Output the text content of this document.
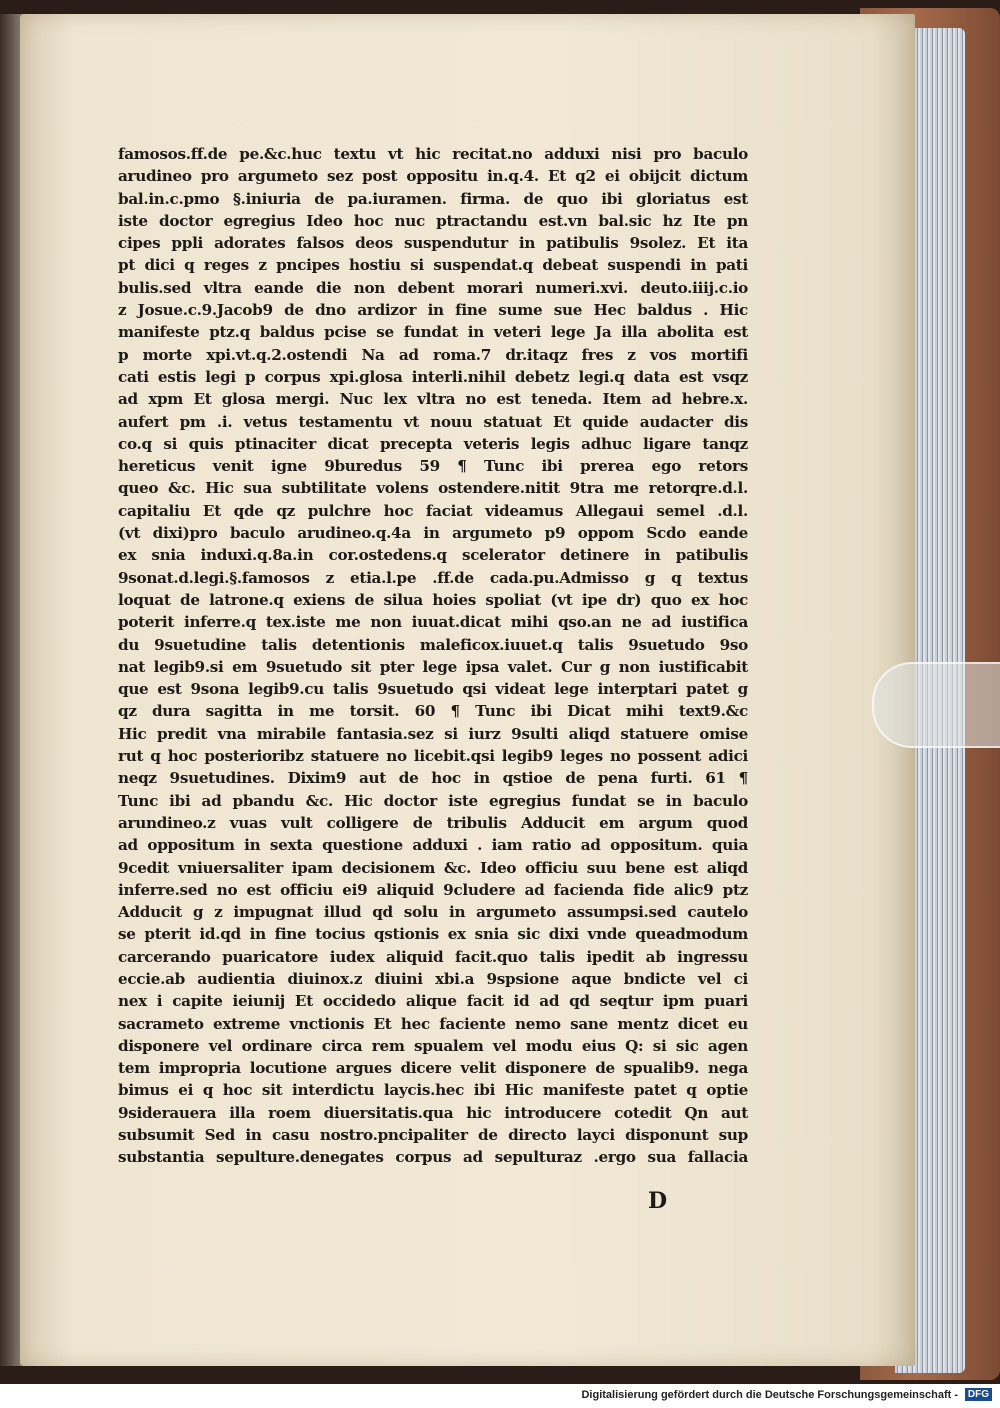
famosos.ff.de pe.&c.huc textu vt hic recitat.no adduxi nisi pro baculo
arudineo pro argumeto sez post oppositu in.q.4. Et q2 ei obijcit dictum
bal.in.c.pmo §.iniuria de pa.iuramen. firma. de quo ibi gloriatus est
iste doctor egregius Ideo hoc nuc ptractandu est.vn bal.sic hz Ite pn
cipes ppli adorates falsos deos suspendutur in patibulis 9solez. Et ita
pt dici q reges z pncipes hostiu si suspendat.q debeat suspendi in pati
bulis.sed vltra eande die non debent morari numeri.xvi. deuto.iiij.c.io
z Josue.c.9.Jacob9 de dno ardizor in fine sume sue Hec baldus . Hic
manifeste ptz.q baldus pcise se fundat in veteri lege Ja illa abolita est
p morte xpi.vt.q.2.ostendi Na ad roma.7 dr.itaqz fres z vos mortifi
cati estis legi p corpus xpi.glosa interli.nihil debetz legi.q data est vsqz
ad xpm Et glosa mergi. Nuc lex vltra no est teneda. Item ad hebre.x.
aufert pm .i. vetus testamentu vt nouu statuat Et quide audacter dis
co.q si quis ptinaciter dicat precepta veteris legis adhuc ligare tanqz
hereticus venit igne 9buredus 59 ¶ Tunc ibi prerea ego retors
queo &c. Hic sua subtilitate volens ostendere.nitit 9tra me retorqre.d.l.
capitaliu Et qde qz pulchre hoc faciat videamus Allegaui semel .d.l.
(vt dixi)pro baculo arudineo.q.4a in argumeto p9 oppom Scdo eande
ex snia induxi.q.8a.in cor.ostedens.q scelerator detinere in patibulis
9sonat.d.legi.§.famosos z etia.l.pe .ff.de cada.pu.Admisso g q textus
loquat de latrone.q exiens de silua hoies spoliat (vt ipe dr) quo ex hoc
poterit inferre.q tex.iste me non iuuat.dicat mihi qso.an ne ad iustifica
du 9suetudine talis detentionis maleficox.iuuet.q talis 9suetudo 9so
nat legib9.si em 9suetudo sit pter lege ipsa valet. Cur g non iustificabit
que est 9sona legib9.cu talis 9suetudo qsi videat lege interptari patet g
qz dura sagitta in me torsit. 60 ¶ Tunc ibi Dicat mihi text9.&c
Hic predit vna mirabile fantasia.sez si iurz 9sulti aliqd statuere omise
rut q hoc posterioribz statuere no licebit.qsi legib9 leges no possent adici
neqz 9suetudines. Dixim9 aut de hoc in qstioe de pena furti. 61 ¶
Tunc ibi ad pbandu &c. Hic doctor iste egregius fundat se in baculo
arundineo.z vuas vult colligere de tribulis Adducit em argum quod
ad oppositum in sexta questione adduxi . iam ratio ad oppositum. quia
9cedit vniuersaliter ipam decisionem &c. Ideo officiu suu bene est aliqd
inferre.sed no est officiu ei9 aliquid 9cludere ad facienda fide alic9 ptz
Adducit g z impugnat illud qd solu in argumeto assumpsi.sed cautelo
se pterit id.qd in fine tocius qstionis ex snia sic dixi vnde queadmodum
carcerando puaricatore iudex aliquid facit.quo talis ipedit ab ingressu
eccie.ab audientia diuinox.z diuini xbi.a 9spsione aque bndicte vel ci
nex i capite ieiunij Et occidedo alique facit id ad qd seqtur ipm puari
sacrameto extreme vnctionis Et hec faciente nemo sane mentz dicet eu
disponere vel ordinare circa rem spualem vel modu eius Q: si sic agen
tem impropria locutione argues dicere velit disponere de spualib9. nega
bimus ei q hoc sit interdictu laycis.hec ibi Hic manifeste patet q optie
9siderauera illa roem diuersitatis.qua hic introducere cotedit Qn aut
subsumit Sed in casu nostro.pncipaliter de directo layci disponunt sup
substantia sepulture.denegates corpus ad sepulturaz .ergo sua fallacia
D
Digitalisierung gefördert durch die Deutsche Forschungsgemeinschaft - DFG
